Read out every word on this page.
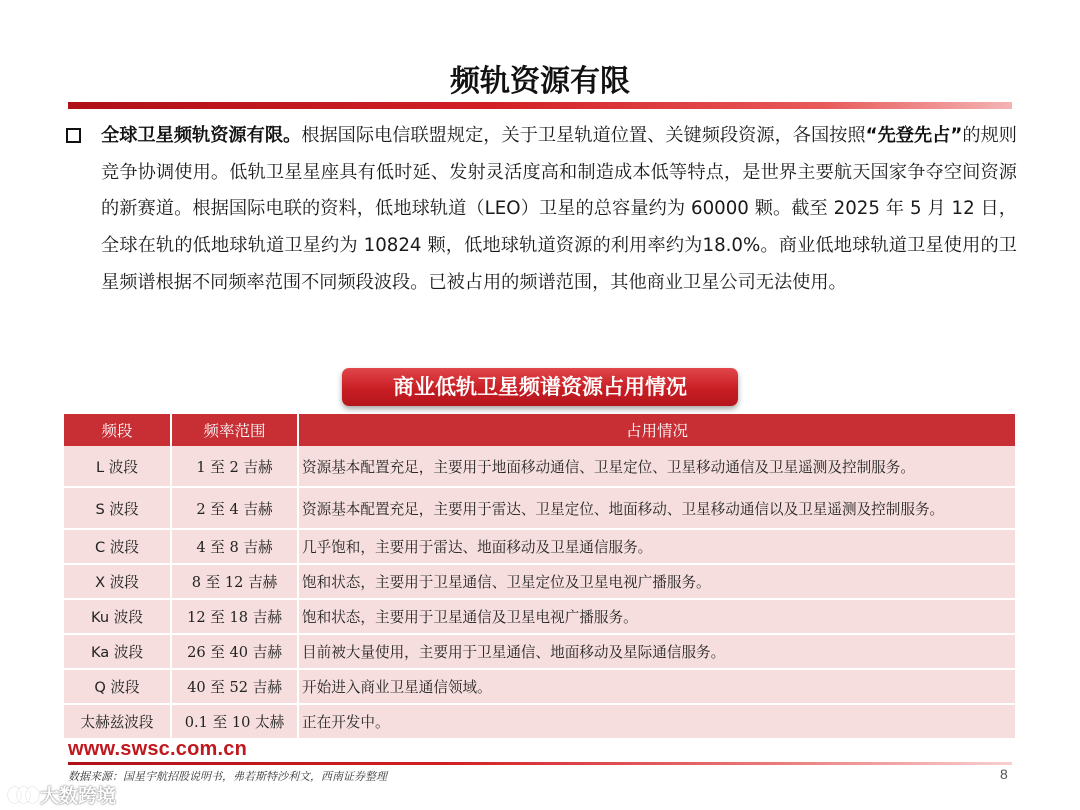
频轨资源有限
全球卫星频轨资源有限。根据国际电信联盟规定，关于卫星轨道位置、关键频段资源，各国按照“先登先占”的规则竞争协调使用。低轨卫星星座具有低时延、发射灵活度高和制造成本低等特点，是世界主要航天国家争夺空间资源的新赛道。根据国际电联的资料，低地球轨道（LEO）卫星的总容量约为 60000 颗。截至 2025 年 5 月 12 日，全球在轨的低地球轨道卫星约为 10824 颗，低地球轨道资源的利用率约为18.0%。商业低地球轨道卫星使用的卫星频谱根据不同频率范围不同频段波段。已被占用的频谱范围，其他商业卫星公司无法使用。
商业低轨卫星频谱资源占用情况
频段	频率范围	占用情况
L 波段	1 至 2 吉赫	资源基本配置充足，主要用于地面移动通信、卫星定位、卫星移动通信及卫星遥测及控制服务。
S 波段	2 至 4 吉赫	资源基本配置充足，主要用于雷达、卫星定位、地面移动、卫星移动通信以及卫星遥测及控制服务。
C 波段	4 至 8 吉赫	几乎饱和，主要用于雷达、地面移动及卫星通信服务。
X 波段	8 至 12 吉赫	饱和状态，主要用于卫星通信、卫星定位及卫星电视广播服务。
Ku 波段	12 至 18 吉赫	饱和状态，主要用于卫星通信及卫星电视广播服务。
Ka 波段	26 至 40 吉赫	目前被大量使用，主要用于卫星通信、地面移动及星际通信服务。
Q 波段	40 至 52 吉赫	开始进入商业卫星通信领域。
太赫兹波段	0.1 至 10 太赫	正在开发中。
www.swsc.com.cn
数据来源：国星宇航招股说明书，弗若斯特沙利文，西南证券整理	8
大数跨境
